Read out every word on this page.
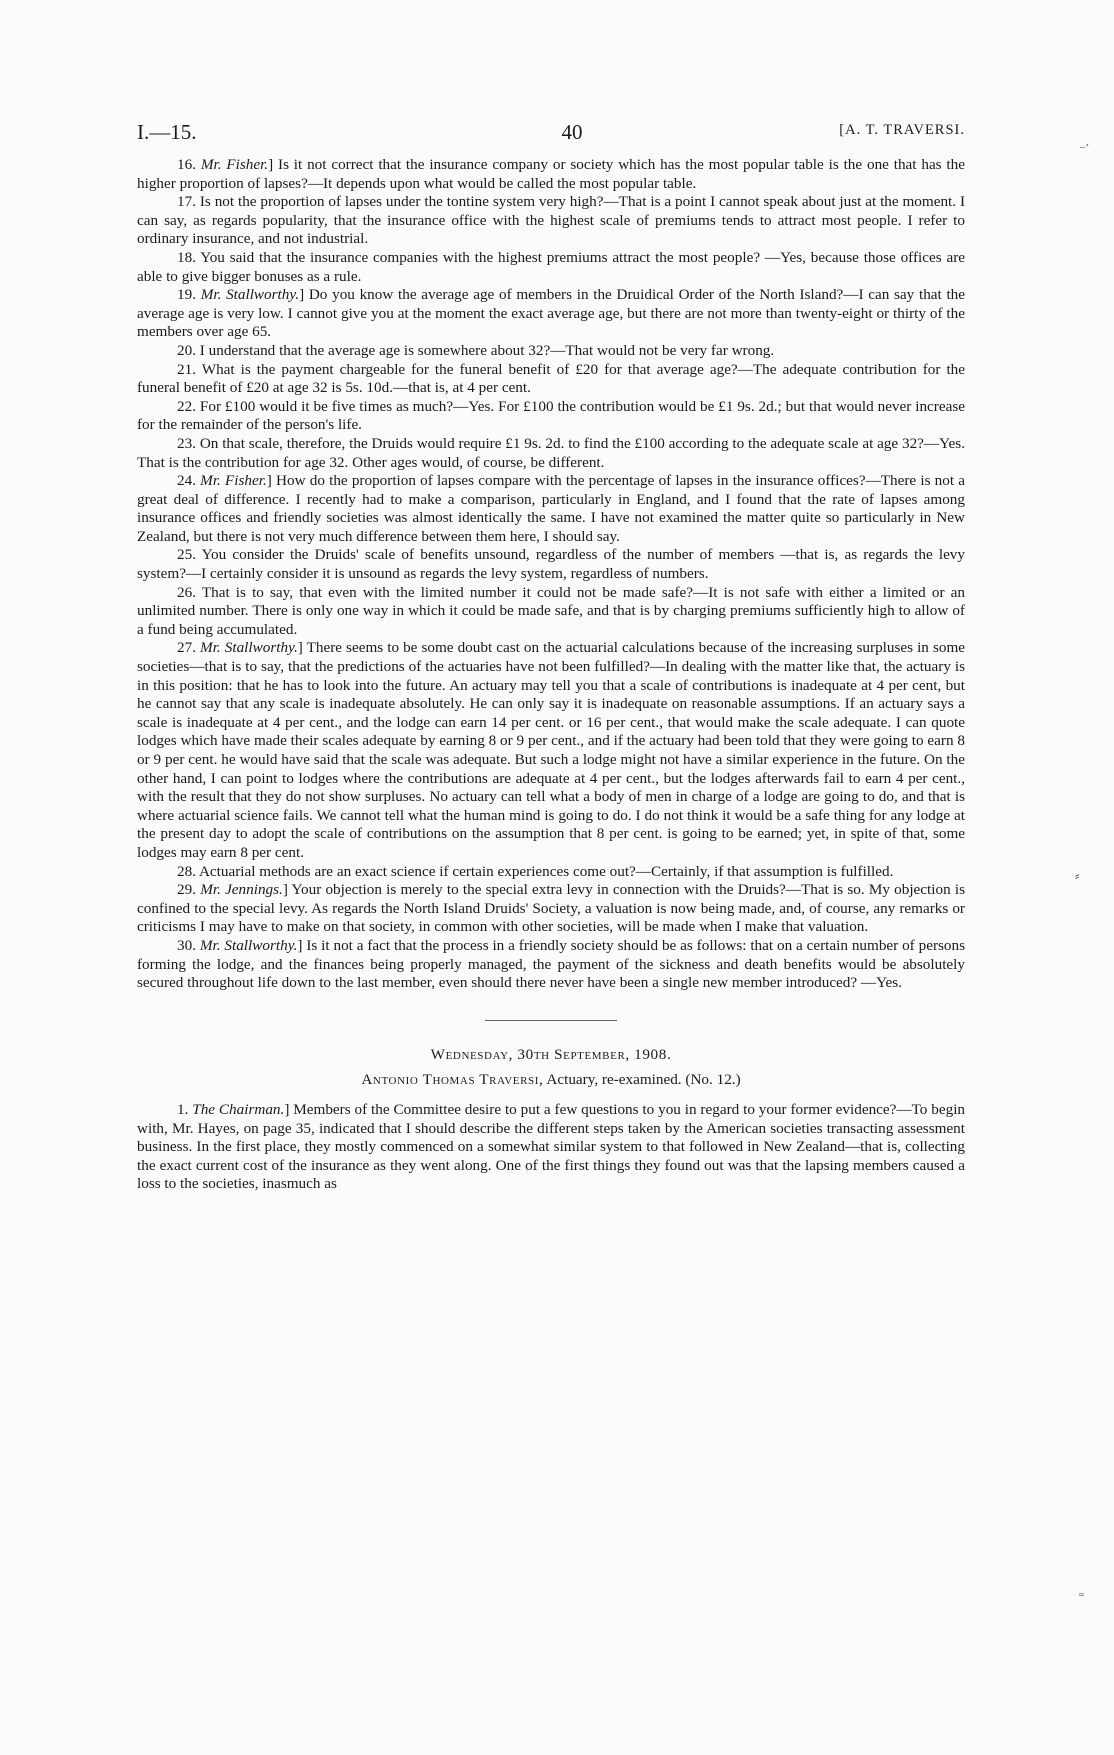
I.—15.	40	[A. T. TRAVERSI.

16. Mr. Fisher.] Is it not correct that the insurance company or society which has the most popular table is the one that has the higher proportion of lapses?—It depends upon what would be called the most popular table.

17. Is not the proportion of lapses under the tontine system very high?—That is a point I cannot speak about just at the moment. I can say, as regards popularity, that the insurance office with the highest scale of premiums tends to attract most people. I refer to ordinary insurance, and not industrial.

18. You said that the insurance companies with the highest premiums attract the most people? —Yes, because those offices are able to give bigger bonuses as a rule.

19. Mr. Stallworthy.] Do you know the average age of members in the Druidical Order of the North Island?—I can say that the average age is very low. I cannot give you at the moment the exact average age, but there are not more than twenty-eight or thirty of the members over age 65.

20. I understand that the average age is somewhere about 32?—That would not be very far wrong.

21. What is the payment chargeable for the funeral benefit of £20 for that average age?—The adequate contribution for the funeral benefit of £20 at age 32 is 5s. 10d.—that is, at 4 per cent.

22. For £100 would it be five times as much?—Yes. For £100 the contribution would be £1 9s. 2d.; but that would never increase for the remainder of the person's life.

23. On that scale, therefore, the Druids would require £1 9s. 2d. to find the £100 according to the adequate scale at age 32?—Yes. That is the contribution for age 32. Other ages would, of course, be different.

24. Mr. Fisher.] How do the proportion of lapses compare with the percentage of lapses in the insurance offices?—There is not a great deal of difference. I recently had to make a comparison, particularly in England, and I found that the rate of lapses among insurance offices and friendly societies was almost identically the same. I have not examined the matter quite so particularly in New Zealand, but there is not very much difference between them here, I should say.

25. You consider the Druids' scale of benefits unsound, regardless of the number of members —that is, as regards the levy system?—I certainly consider it is unsound as regards the levy system, regardless of numbers.

26. That is to say, that even with the limited number it could not be made safe?—It is not safe with either a limited or an unlimited number. There is only one way in which it could be made safe, and that is by charging premiums sufficiently high to allow of a fund being accumulated.

27. Mr. Stallworthy.] There seems to be some doubt cast on the actuarial calculations because of the increasing surpluses in some societies—that is to say, that the predictions of the actuaries have not been fulfilled?—In dealing with the matter like that, the actuary is in this position: that he has to look into the future. An actuary may tell you that a scale of contributions is inadequate at 4 per cent, but he cannot say that any scale is inadequate absolutely. He can only say it is inadequate on reasonable assumptions. If an actuary says a scale is inadequate at 4 per cent., and the lodge can earn 14 per cent. or 16 per cent., that would make the scale adequate. I can quote lodges which have made their scales adequate by earning 8 or 9 per cent., and if the actuary had been told that they were going to earn 8 or 9 per cent. he would have said that the scale was adequate. But such a lodge might not have a similar experience in the future. On the other hand, I can point to lodges where the contributions are adequate at 4 per cent., but the lodges afterwards fail to earn 4 per cent., with the result that they do not show surpluses. No actuary can tell what a body of men in charge of a lodge are going to do, and that is where actuarial science fails. We cannot tell what the human mind is going to do. I do not think it would be a safe thing for any lodge at the present day to adopt the scale of contributions on the assumption that 8 per cent. is going to be earned; yet, in spite of that, some lodges may earn 8 per cent.

28. Actuarial methods are an exact science if certain experiences come out?—Certainly, if that assumption is fulfilled.

29. Mr. Jennings.] Your objection is merely to the special extra levy in connection with the Druids?—That is so. My objection is confined to the special levy. As regards the North Island Druids' Society, a valuation is now being made, and, of course, any remarks or criticisms I may have to make on that society, in common with other societies, will be made when I make that valuation.

30. Mr. Stallworthy.] Is it not a fact that the process in a friendly society should be as follows: that on a certain number of persons forming the lodge, and the finances being properly managed, the payment of the sickness and death benefits would be absolutely secured throughout life down to the last member, even should there never have been a single new member introduced? —Yes.

Wednesday, 30th September, 1908.
Antonio Thomas Traversi, Actuary, re-examined. (No. 12.)

1. The Chairman.] Members of the Committee desire to put a few questions to you in regard to your former evidence?—To begin with, Mr. Hayes, on page 35, indicated that I should describe the different steps taken by the American societies transacting assessment business. In the first place, they mostly commenced on a somewhat similar system to that followed in New Zealand—that is, collecting the exact current cost of the insurance as they went along. One of the first things they found out was that the lapsing members caused a loss to the societies, inasmuch as

⁻′
⸗
⁼
